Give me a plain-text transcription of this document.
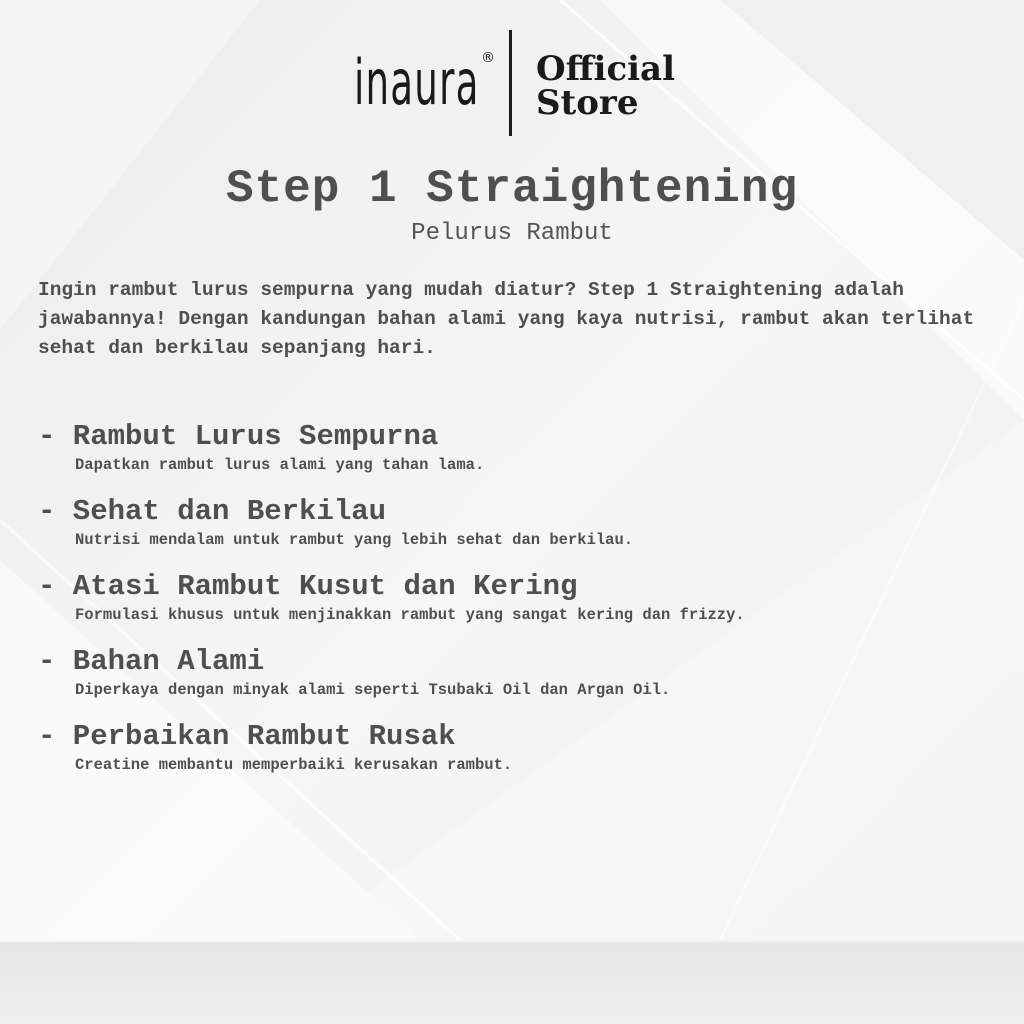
inaura ® Official
Store
Step 1 Straightening
Pelurus Rambut

Ingin rambut lurus sempurna yang mudah diatur? Step 1 Straightening adalah jawabannya! Dengan kandungan bahan alami yang kaya nutrisi, rambut akan terlihat sehat dan berkilau sepanjang hari.

- Rambut Lurus Sempurna
Dapatkan rambut lurus alami yang tahan lama.
- Sehat dan Berkilau
Nutrisi mendalam untuk rambut yang lebih sehat dan berkilau.
- Atasi Rambut Kusut dan Kering
Formulasi khusus untuk menjinakkan rambut yang sangat kering dan frizzy.
- Bahan Alami
Diperkaya dengan minyak alami seperti Tsubaki Oil dan Argan Oil.
- Perbaikan Rambut Rusak
Creatine membantu memperbaiki kerusakan rambut.
